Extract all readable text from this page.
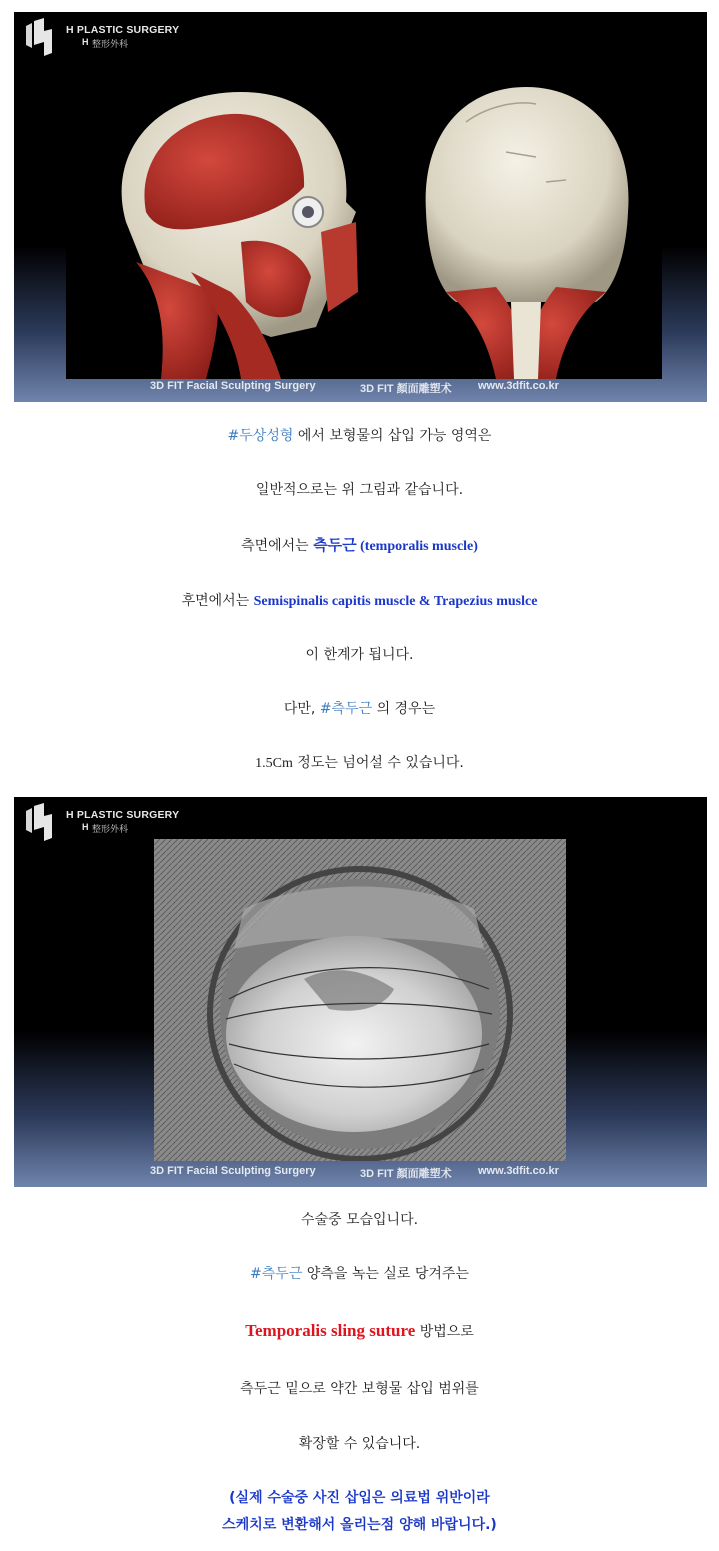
H PLASTIC SURGERY
H 整形外科
3D FIT Facial Sculpting Surgery	3D FIT 顏面雕塑术 www.3dfit.co.kr
#두상성형 에서 보형물의 삽입 가능 영역은
일반적으로는 위 그림과 같습니다.
측면에서는 측두근 (temporalis muscle)
후면에서는 Semispinalis capitis muscle & Trapezius muslce
이 한계가 됩니다.
다만, #측두근 의 경우는
1.5Cm 정도는 넘어설 수 있습니다.
H PLASTIC SURGERY
H 整形外科
3D FIT Facial Sculpting Surgery	3D FIT 顏面雕塑术 www.3dfit.co.kr
수술중 모습입니다.
#측두근 양측을 녹는 실로 당겨주는
Temporalis sling suture 방법으로
측두근 밑으로 약간 보형물 삽입 범위를
확장할 수 있습니다.
(실제 수술중 사진 삽입은 의료법 위반이라
스케치로 변환해서 올리는점 양해 바랍니다.)
